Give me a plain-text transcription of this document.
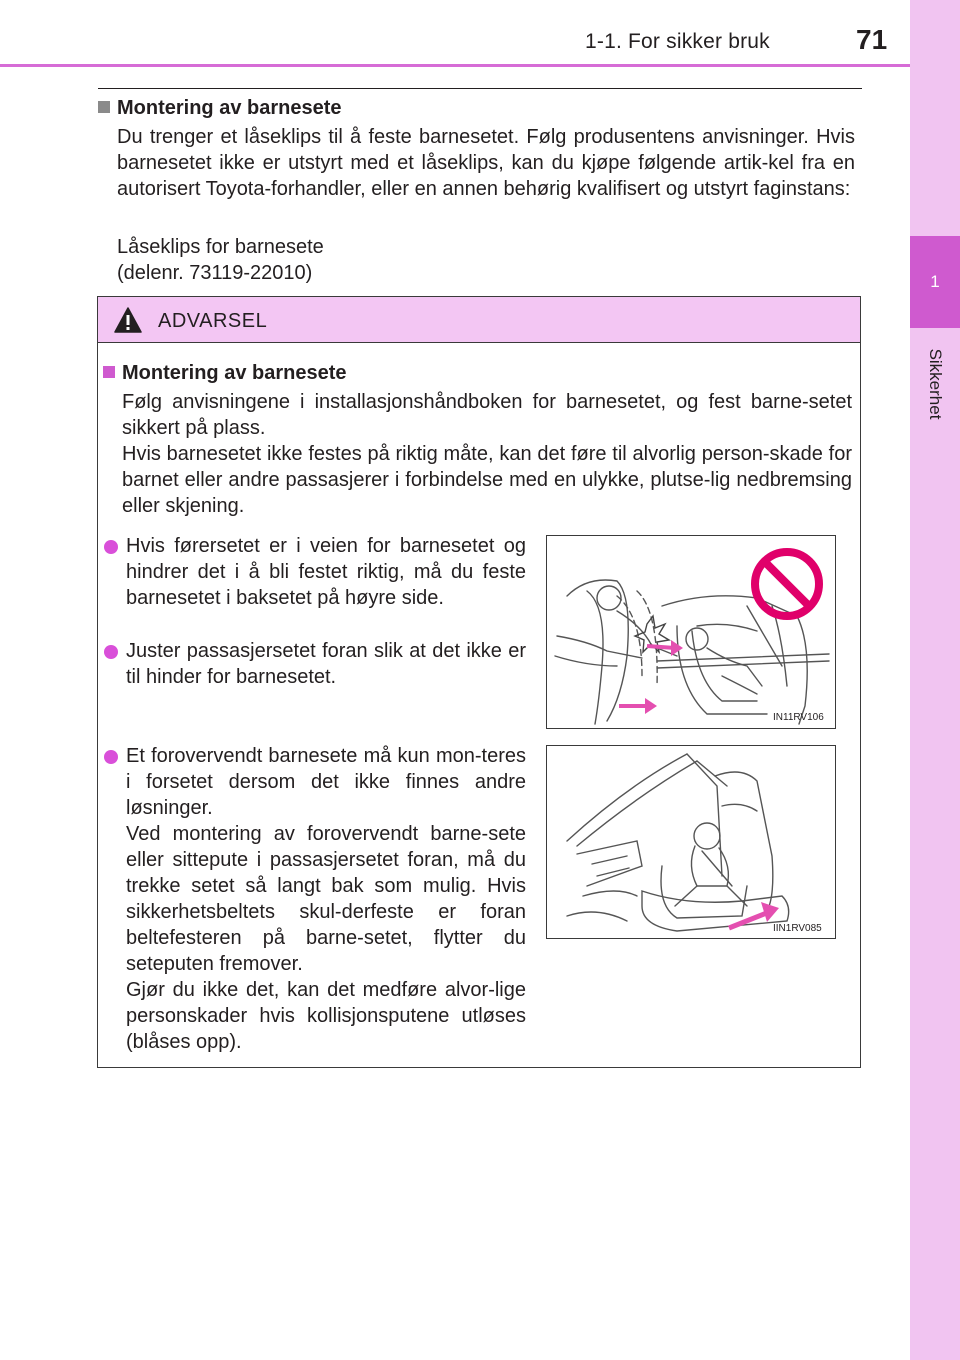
1-1. For sikker bruk	71
1
Sikkerhet
Montering av barnesete
Du trenger et låseklips til å feste barnesetet. Følg produsentens anvisninger. Hvis barnesetet ikke er utstyrt med et låseklips, kan du kjøpe følgende artik-kel fra en autorisert Toyota-forhandler, eller en annen behørig kvalifisert og utstyrt faginstans:
Låseklips for barnesete
(delenr. 73119-22010)
ADVARSEL
Montering av barnesete
Følg anvisningene i installasjonshåndboken for barnesetet, og fest barne-setet sikkert på plass.
Hvis barnesetet ikke festes på riktig måte, kan det føre til alvorlig person-skade for barnet eller andre passasjerer i forbindelse med en ulykke, plutse-lig nedbremsing eller skjening.
Hvis førersetet er i veien for barnesetet og hindrer det i å bli festet riktig, må du feste barnesetet i baksetet på høyre side.
Juster passasjersetet foran slik at det ikke er til hinder for barnesetet.
Et forovervendt barnesete må kun mon-teres i forsetet dersom det ikke finnes andre løsninger.
Ved montering av forovervendt barne-sete eller sittepute i passasjersetet foran, må du trekke setet så langt bak som mulig. Hvis sikkerhetsbeltets skul-derfeste er foran beltefesteren på barne-setet, flytter du seteputen fremover.
Gjør du ikke det, kan det medføre alvor-lige personskader hvis kollisjonsputene utløses (blåses opp).
IN11RV106
IIN1RV085
